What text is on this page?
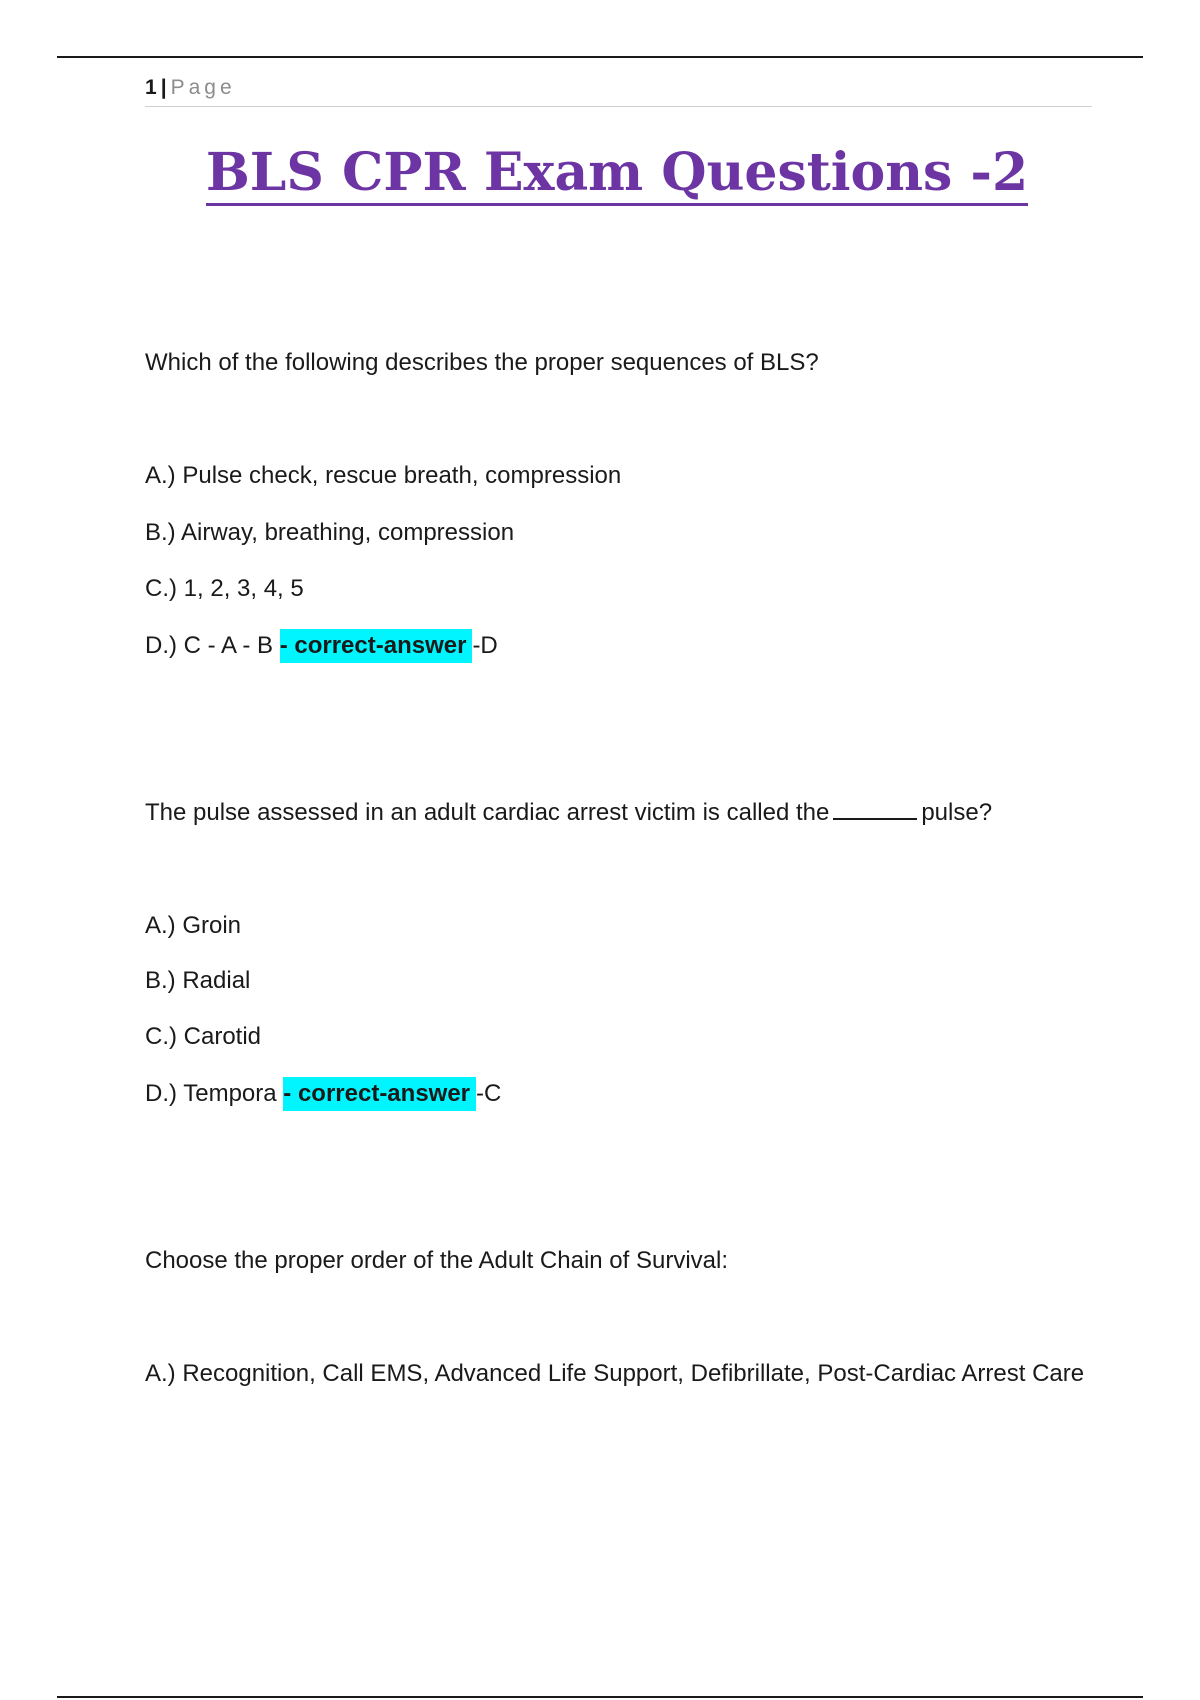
1 | Page
BLS CPR Exam Questions -2
Which of the following describes the proper sequences of BLS?
A.) Pulse check, rescue breath, compression
B.) Airway, breathing, compression
C.) 1, 2, 3, 4, 5
D.) C - A - B - correct-answer -D
The pulse assessed in an adult cardiac arrest victim is called the	pulse?
A.) Groin
B.) Radial
C.) Carotid
D.) Tempora - correct-answer -C
Choose the proper order of the Adult Chain of Survival:
A.) Recognition, Call EMS, Advanced Life Support, Defibrillate, Post-Cardiac Arrest Care
